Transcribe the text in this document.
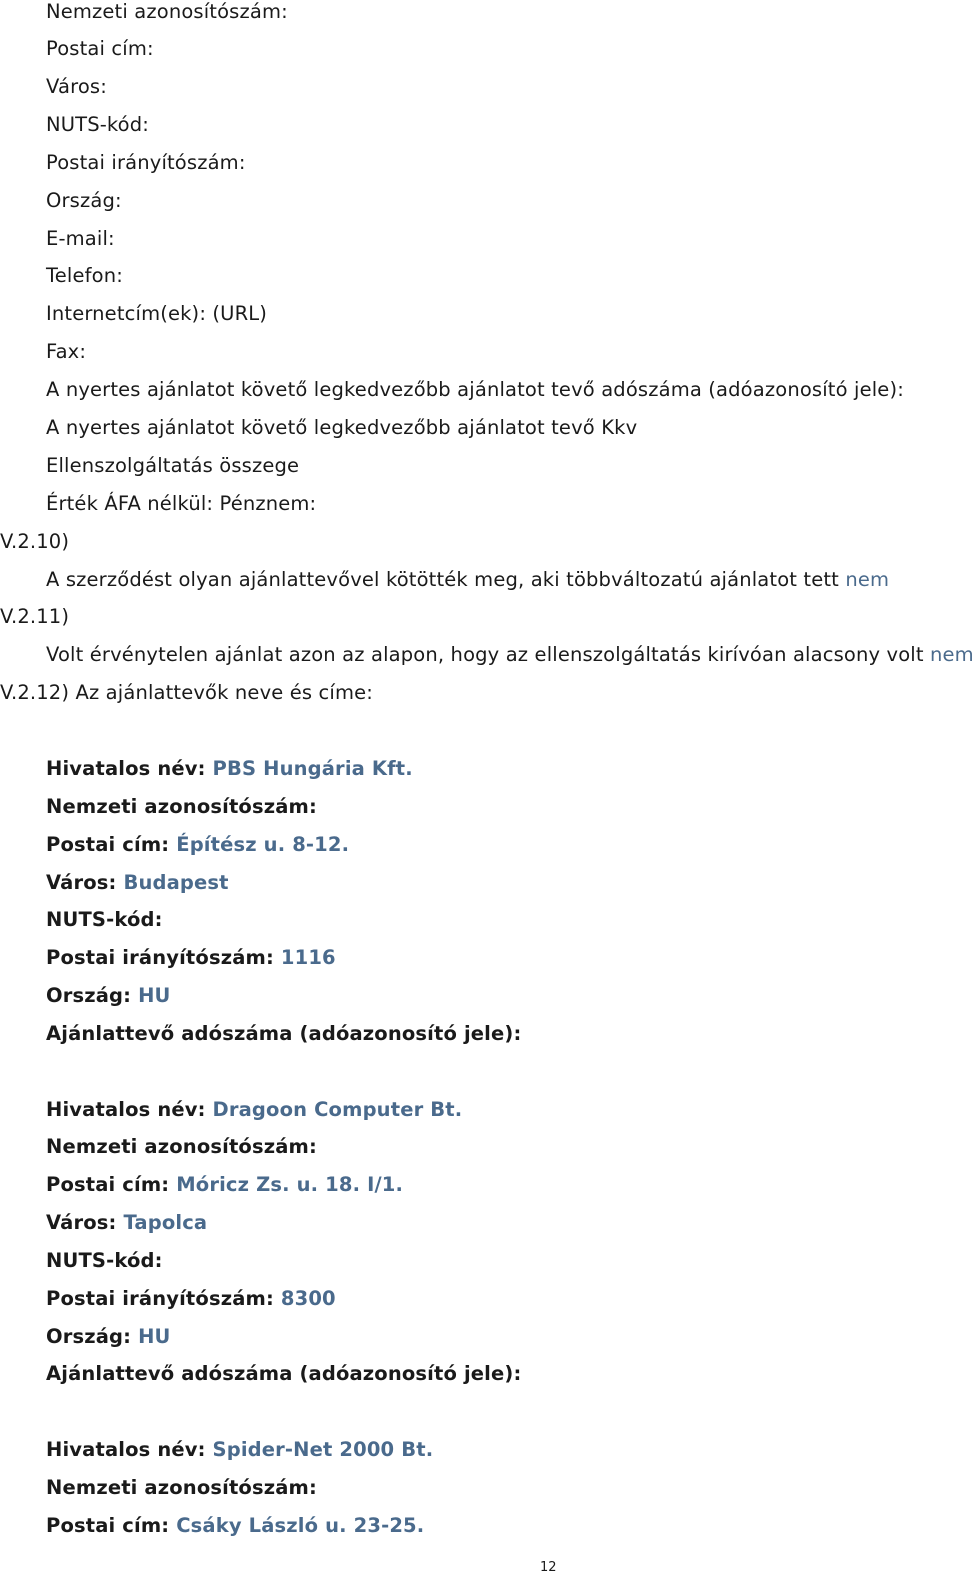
Nemzeti azonosítószám:
Postai cím:
Város:
NUTS-kód:
Postai irányítószám:
Ország:
E-mail:
Telefon:
Internetcím(ek): (URL)
Fax:
A nyertes ajánlatot követő legkedvezőbb ajánlatot tevő adószáma (adóazonosító jele):
A nyertes ajánlatot követő legkedvezőbb ajánlatot tevő Kkv
Ellenszolgáltatás összege
Érték ÁFA nélkül: Pénznem:
V.2.10)
A szerződést olyan ajánlattevővel kötötték meg, aki többváltozatú ajánlatot tett nem
V.2.11)
Volt érvénytelen ajánlat azon az alapon, hogy az ellenszolgáltatás kirívóan alacsony volt nem
V.2.12) Az ajánlattevők neve és címe:
Hivatalos név: PBS Hungária Kft.
Nemzeti azonosítószám:
Postai cím: Építész u. 8-12.
Város: Budapest
NUTS-kód:
Postai irányítószám: 1116
Ország: HU
Ajánlattevő adószáma (adóazonosító jele):
Hivatalos név: Dragoon Computer Bt.
Nemzeti azonosítószám:
Postai cím: Móricz Zs. u. 18. I/1.
Város: Tapolca
NUTS-kód:
Postai irányítószám: 8300
Ország: HU
Ajánlattevő adószáma (adóazonosító jele):
Hivatalos név: Spider-Net 2000 Bt.
Nemzeti azonosítószám:
Postai cím: Csáky László u. 23-25.
12
